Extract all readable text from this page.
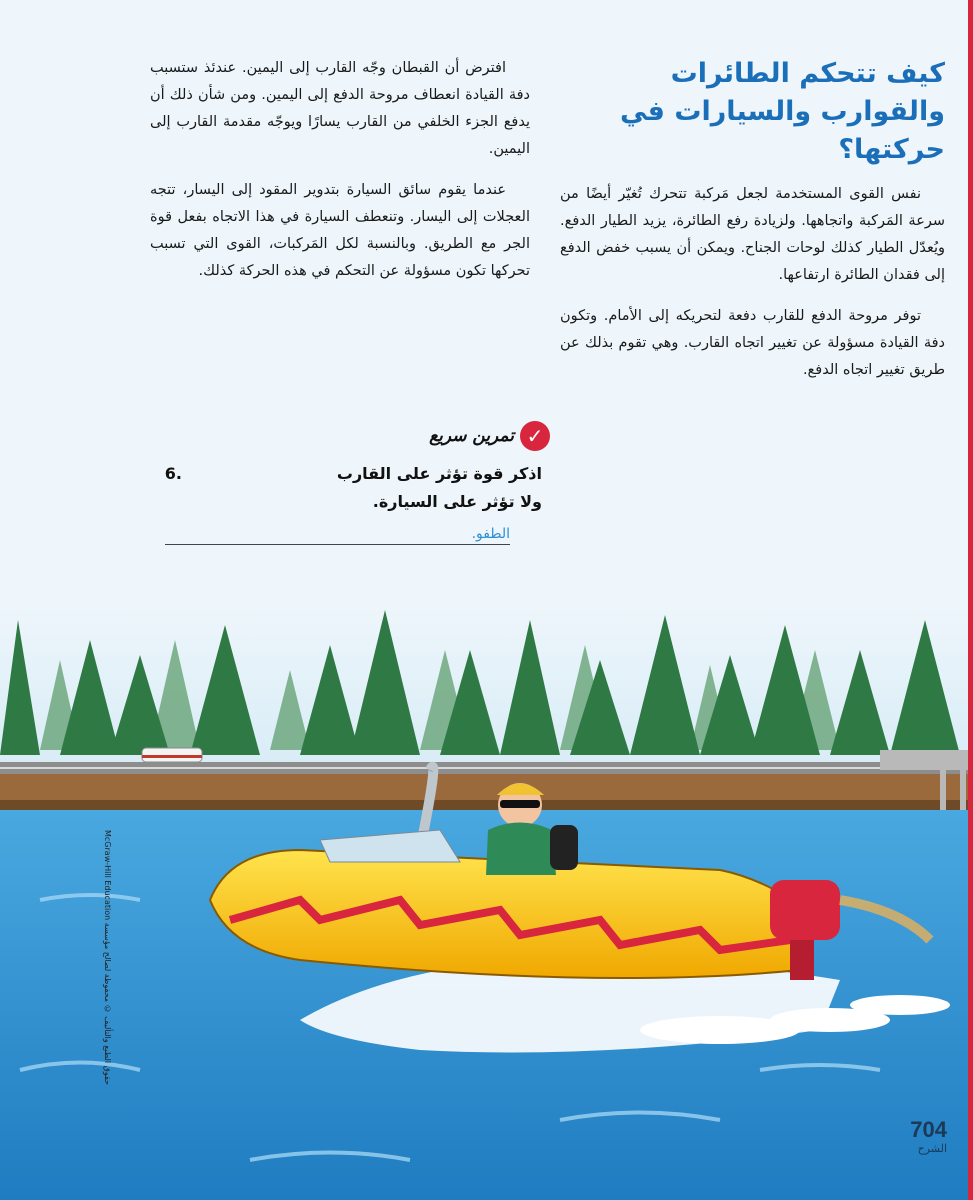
كيف تتحكم الطائرات والقوارب والسيارات في حركتها؟

نفس القوى المستخدمة لجعل مَركبة تتحرك تُغيّر أيضًا من سرعة المَركبة واتجاهها. ولزيادة رفع الطائرة، يزيد الطيار الدفع. ويُعدّل الطيار كذلك لوحات الجناح. ويمكن أن يسبب خفض الدفع إلى فقدان الطائرة ارتفاعها.

توفر مروحة الدفع للقارب دفعة لتحريكه إلى الأمام. وتكون دفة القيادة مسؤولة عن تغيير اتجاه القارب. وهي تقوم بذلك عن طريق تغيير اتجاه الدفع.

افترض أن القبطان وجّه القارب إلى اليمين. عندئذ ستسبب دفة القيادة انعطاف مروحة الدفع إلى اليمين. ومن شأن ذلك أن يدفع الجزء الخلفي من القارب يسارًا ويوجّه مقدمة القارب إلى اليمين.

عندما يقوم سائق السيارة بتدوير المقود إلى اليسار، تتجه العجلات إلى اليسار. وتنعطف السيارة في هذا الاتجاه بفعل قوة الجر مع الطريق. وبالنسبة لكل المَركبات، القوى التي تسبب تحركها تكون مسؤولة عن التحكم في هذه الحركة كذلك.

✓
تمرين سريع
اذكر قوة تؤثر على القارب
ولا تؤثر على السيارة.
6.
الطفو.
McGraw-Hill Education حقوق الطبع والتأليف © محفوظة لصالح مؤسسة
704
الشرح
